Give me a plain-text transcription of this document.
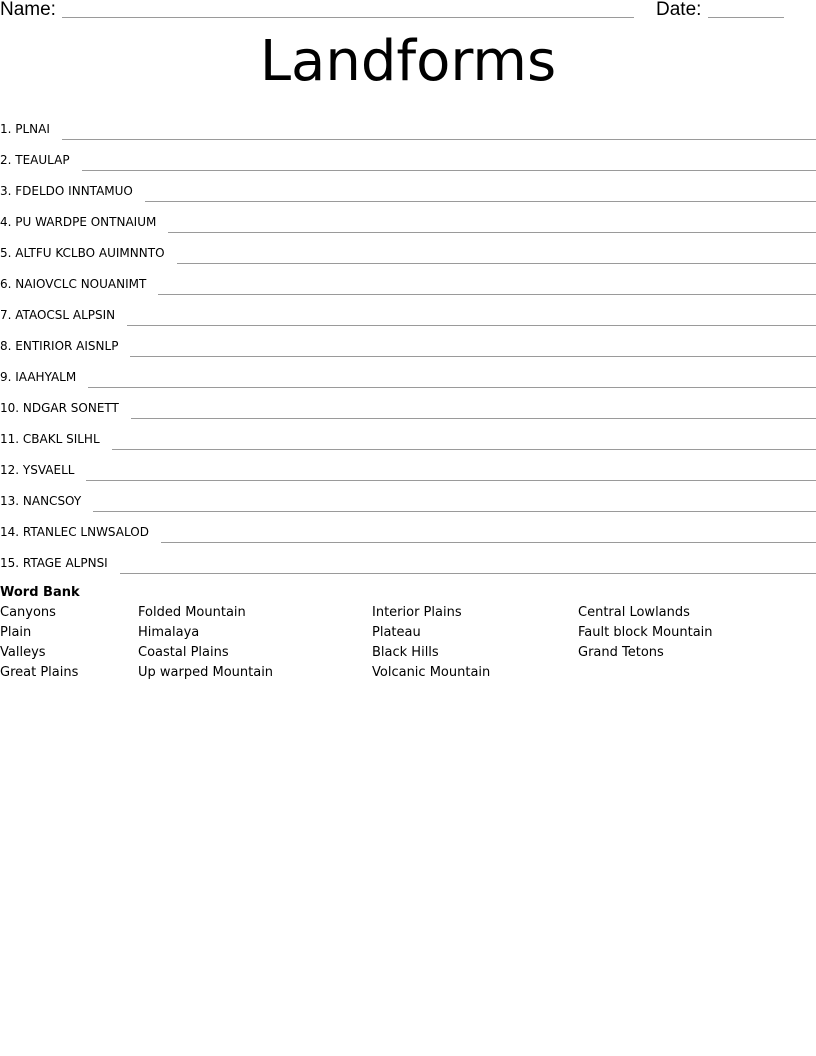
Name:	Date:
Landforms
1. PLNAI
2. TEAULAP
3. FDELDO INNTAMUO
4. PU WARDPE ONTNAIUM
5. ALTFU KCLBO AUIMNNTO
6. NAIOVCLC NOUANIMT
7. ATAOCSL ALPSIN
8. ENTIRIOR AISNLP
9. IAAHYALM
10. NDGAR SONETT
11. CBAKL SILHL
12. YSVAELL
13. NANCSOY
14. RTANLEC LNWSALOD
15. RTAGE ALPNSI
Word Bank
Canyons
Plain
Valleys
Great Plains
Folded Mountain
Himalaya
Coastal Plains
Up warped Mountain
Interior Plains
Plateau
Black Hills
Volcanic Mountain
Central Lowlands
Fault block Mountain
Grand Tetons
